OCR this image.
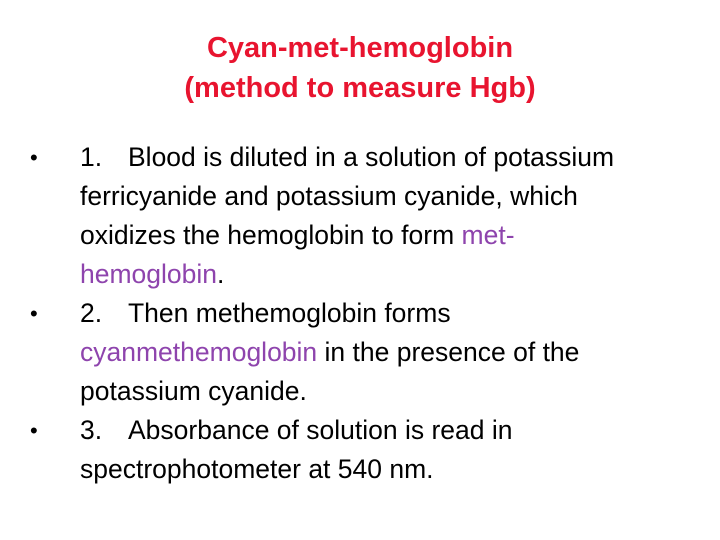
Cyan-met-hemoglobin
(method to measure Hgb)
• 1. Blood is diluted in a solution of potassium
ferricyanide and potassium cyanide, which
oxidizes the hemoglobin to form met-
hemoglobin.
• 2. Then methemoglobin forms
cyanmethemoglobin in the presence of the
potassium cyanide.
• 3. Absorbance of solution is read in
spectrophotometer at 540 nm.
